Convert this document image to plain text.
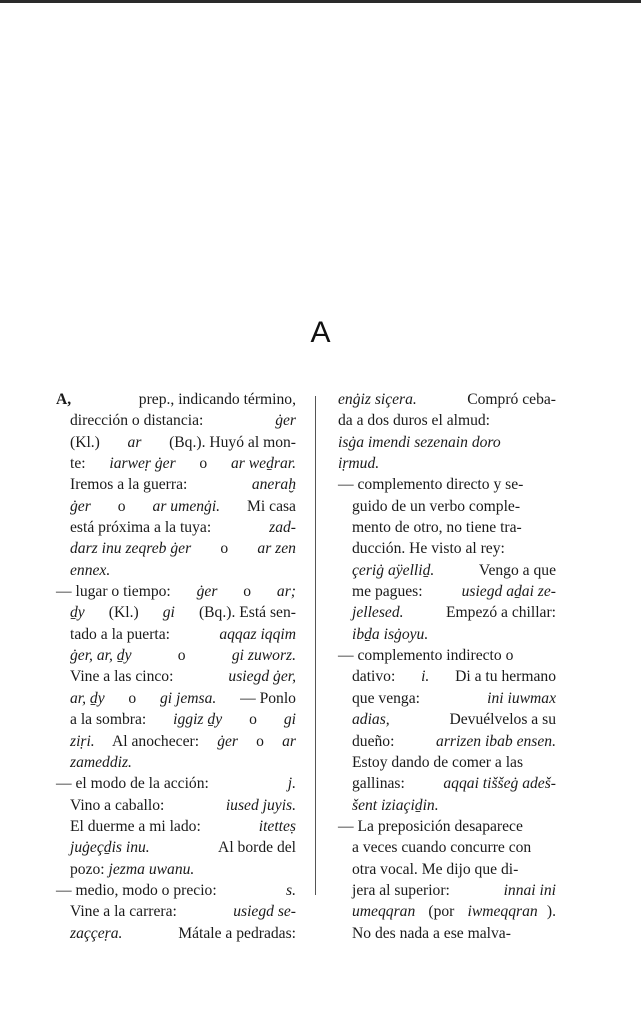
A
A,	prep., indicando término,
dirección o distancia:	ġer
(Kl.) ar (Bq.). Huyó al mon-
te: iarweṛ ġer o ar weḏrar.
Iremos a la guerra:	aneraḫ
ġer o ar umenġi. Mi casa
está próxima a la tuya:	zad-
darz inu zeqreb ġer o ar zen
ennex.
— lugar o tiempo: ġer o ar;
ḏy (Kl.) gi (Bq.). Está sen-
tado a la puerta:	aqqaz iqqim
ġer, ar, ḏy	o	gi zuworz.
Vine a las cinco:	usiegd ġer,
ar, ḏy o gi jemsa. — Ponlo
a la sombra: iggiz ḏy o gi
ziṛi. Al anochecer: ġer o ar
zameddiz.
— el modo de la acción:	j.
Vino a caballo:	iused juyis.
El duerme a mi lado:	itetteṣ
juġeçḏis inu.	Al borde del
pozo: jezma uwanu.
— medio, modo o precio:	s.
Vine a la carrera:	usiegd se-
zaççeṛa.	Mátale a pedradas:
enġiz siçera.	Compró ceba-
da a dos duros el almud:
isġa imendi sezenain doro
iṛmud.
— complemento directo y se-
guido de un verbo comple-
mento de otro, no tiene tra-
ducción. He visto al rey:
çeriġ aÿelliḏ.	Vengo a que
me pagues: usiegd aḏai ze-
jellesed. Empezó a chillar:
ibḏa isġoyu.
— complemento indirecto o
dativo: i. Di a tu hermano
que venga:	ini iuwmax
adias,	Devuélvelos a su
dueño: arrizen ibab ensen.
Estoy dando de comer a las
gallinas: aqqai tiššeġ adeš-
šent iziaçiḏin.
— La preposición desaparece
a veces cuando concurre con
otra vocal. Me dijo que di-
jera al superior:	innai ini
umeqqran (por iwmeqqran ).
No des nada a ese malva-
